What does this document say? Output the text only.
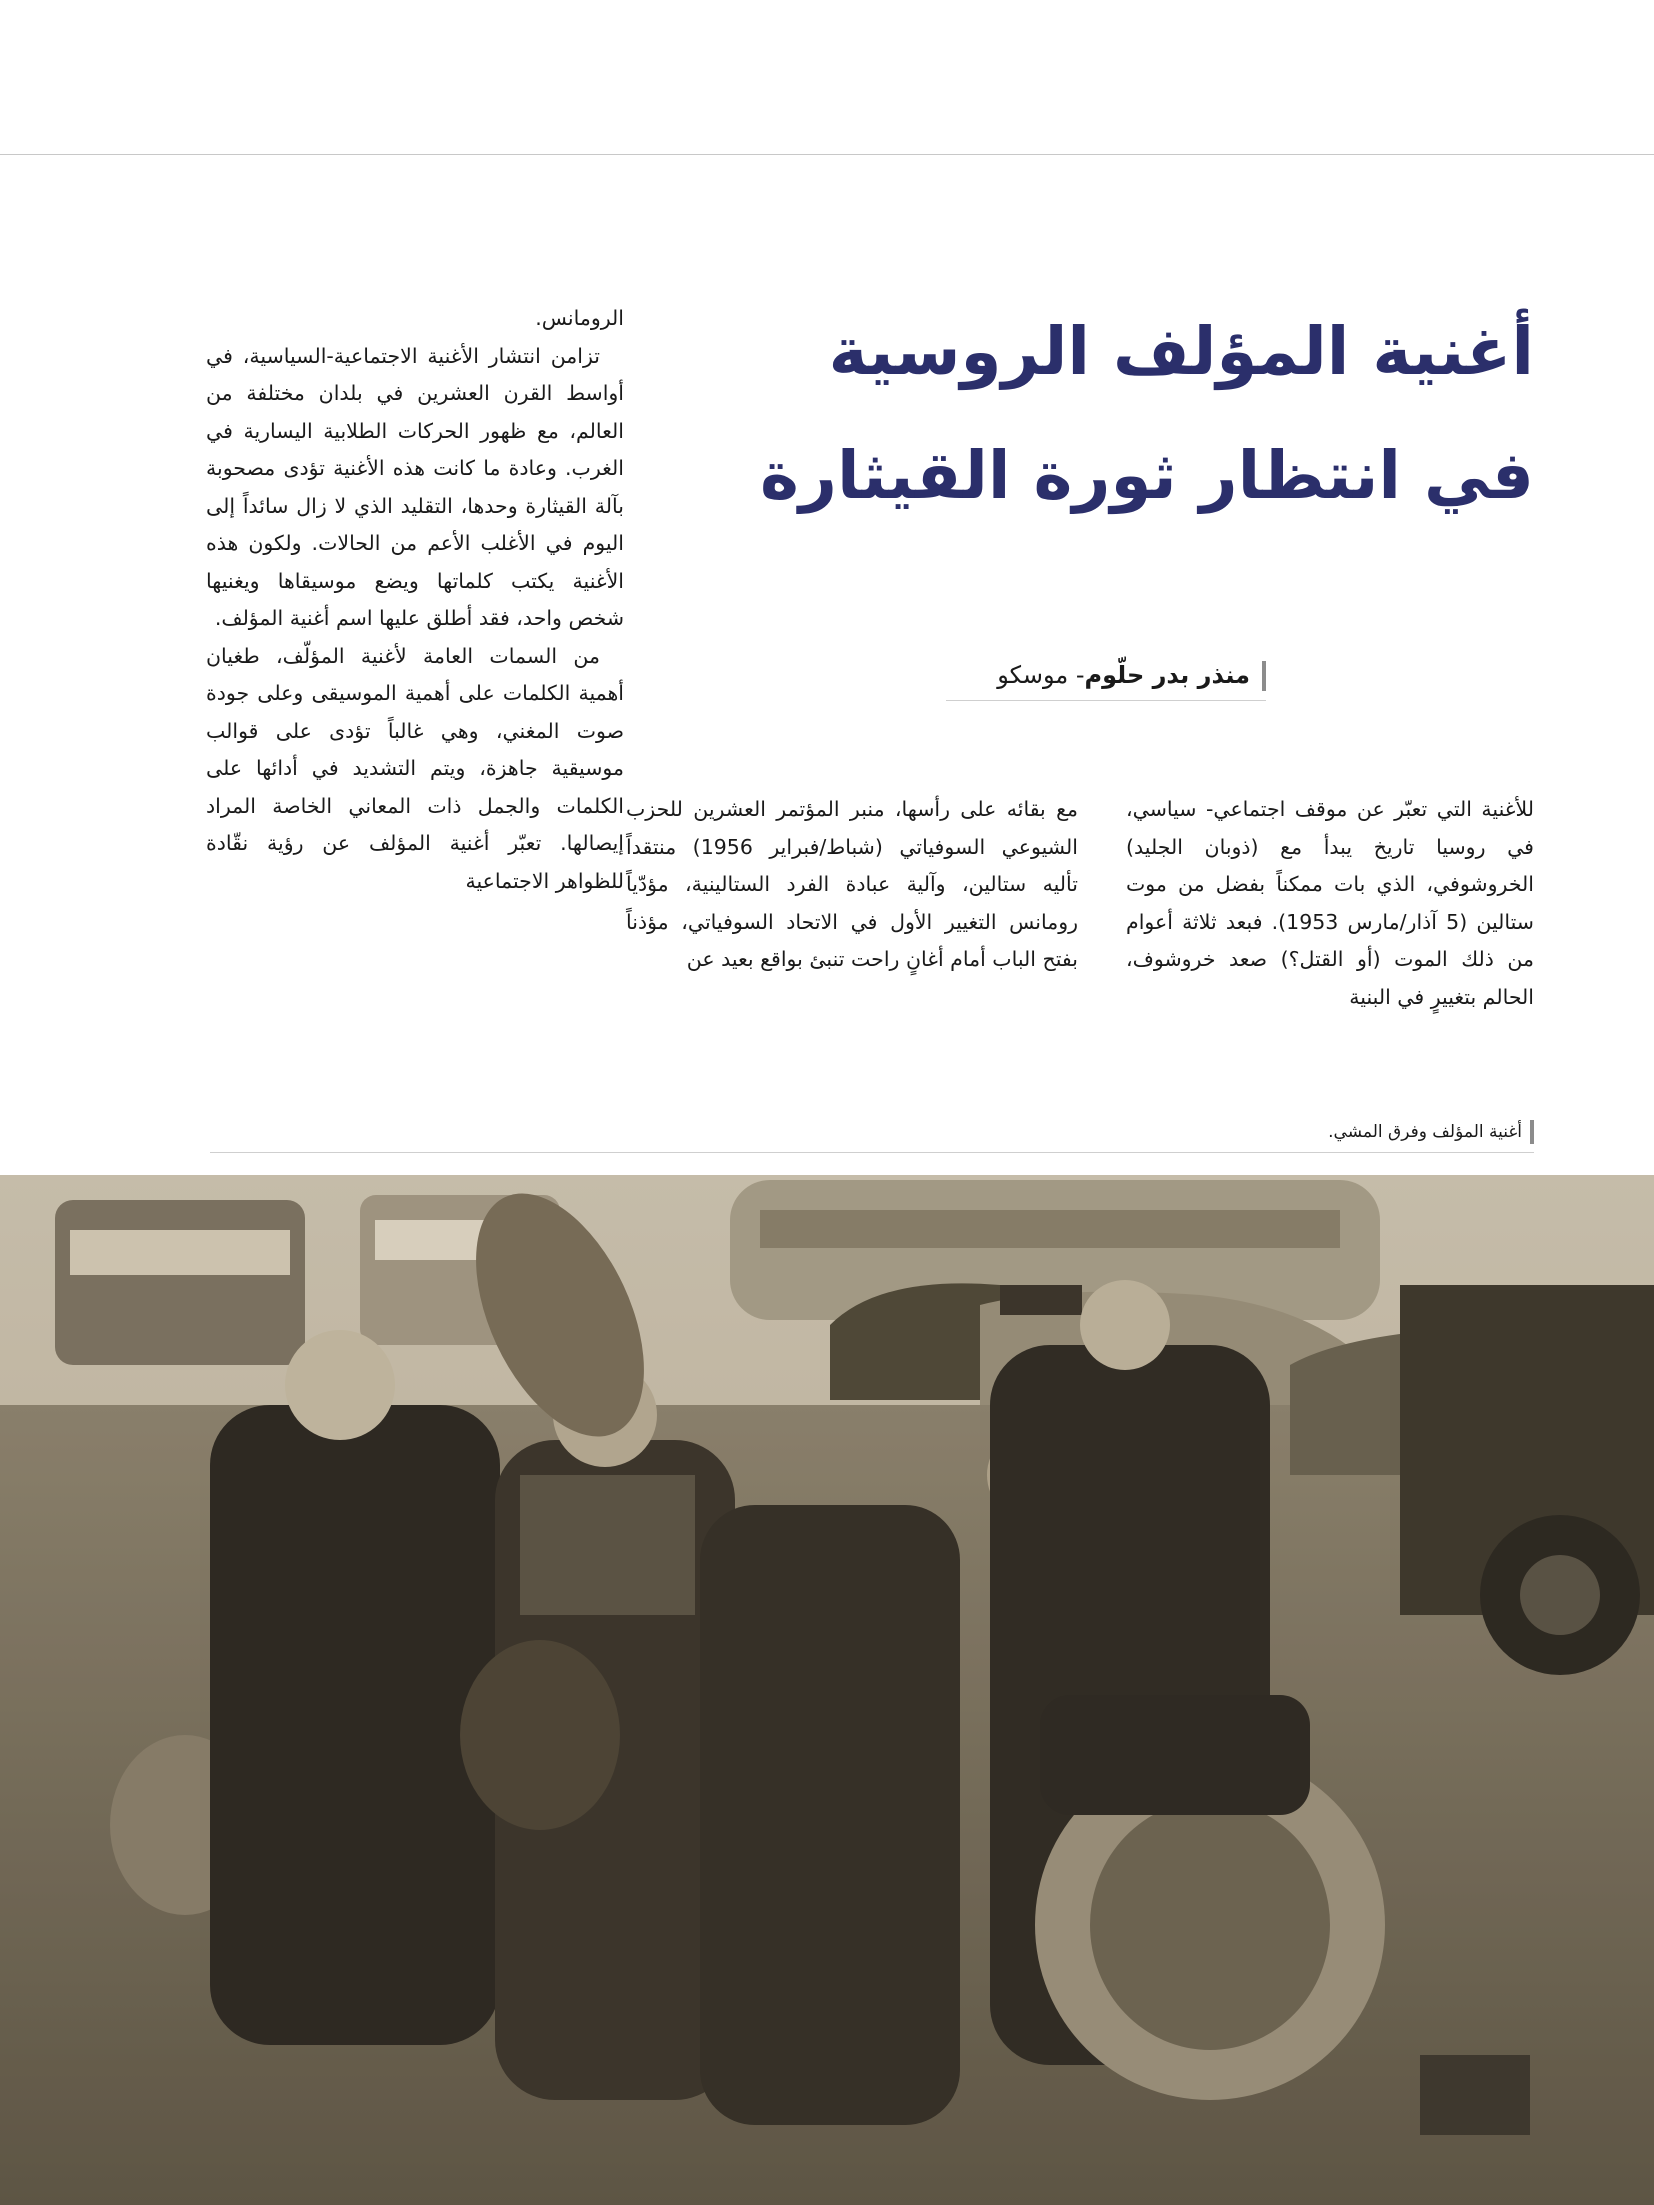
أغنية المؤلف الروسية
في انتظار ثورة القيثارة
منذر بدر حلّوم- موسكو

للأغنية التي تعبّر عن موقف اجتماعي- سياسي، في روسيا تاريخ يبدأ مع (ذوبان الجليد) الخروشوفي، الذي بات ممكناً بفضل من موت ستالين (5 آذار/مارس 1953). فبعد ثلاثة أعوام من ذلك الموت (أو القتل؟) صعد خروشوف، الحالم بتغييرٍ في البنية

مع بقائه على رأسها، منبر المؤتمر العشرين للحزب الشيوعي السوفياتي (شباط/فبراير 1956) منتقداً تأليه ستالين، وآلية عبادة الفرد الستالينية، مؤدّياً رومانس التغيير الأول في الاتحاد السوفياتي، مؤذناً بفتح الباب أمام أغانٍ راحت تنبئ بواقع بعيد عن

الرومانس.

تزامن انتشار الأغنية الاجتماعية-السياسية، في أواسط القرن العشرين في بلدان مختلفة من العالم، مع ظهور الحركات الطلابية اليسارية في الغرب. وعادة ما كانت هذه الأغنية تؤدى مصحوبة بآلة القيثارة وحدها، التقليد الذي لا زال سائداً إلى اليوم في الأغلب الأعم من الحالات. ولكون هذه الأغنية يكتب كلماتها ويضع موسيقاها ويغنيها شخص واحد، فقد أطلق عليها اسم أغنية المؤلف.

من السمات العامة لأغنية المؤلّف، طغيان أهمية الكلمات على أهمية الموسيقى وعلى جودة صوت المغني، وهي غالباً تؤدى على قوالب موسيقية جاهزة، ويتم التشديد في أدائها على الكلمات والجمل ذات المعاني الخاصة المراد إيصالها. تعبّر أغنية المؤلف عن رؤية نقّادة للظواهر الاجتماعية

أغنية المؤلف وفرق المشي.
